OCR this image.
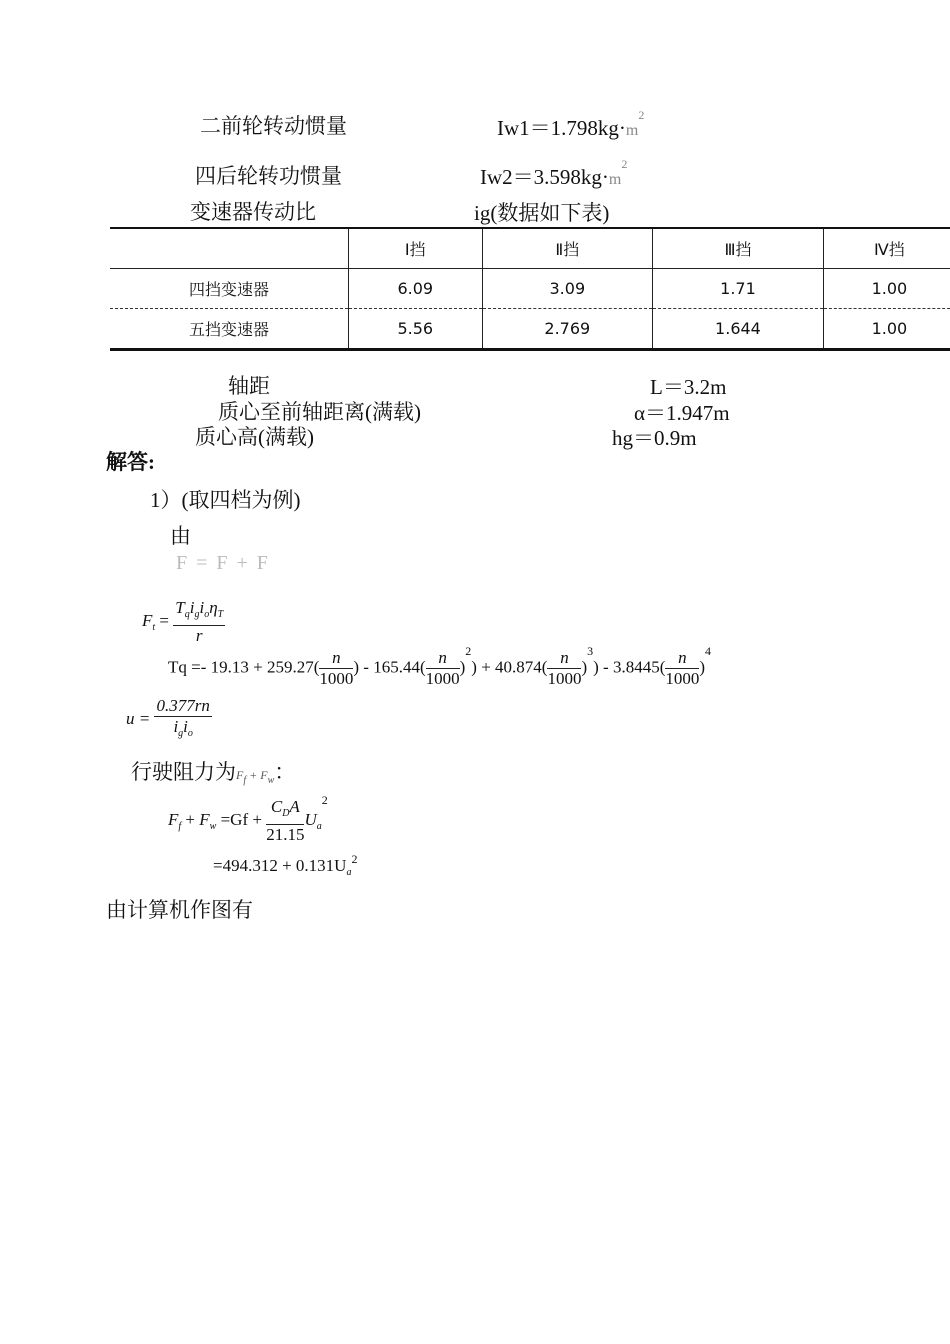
二前轮转动惯量	$Iw1=1.798kg\cdot m^2$
四后轮转功惯量	$Iw2=3.598kg\cdot m^2$
变速器传动比	ig(数据如下表)
	Ⅰ挡	Ⅱ挡	Ⅲ挡	Ⅳ挡
四挡变速器	6.09	3.09	1.71	1.00
五挡变速器	5.56	2.769	1.644	1.00
轴距	L＝3.2m
质心至前轴距离(满载)	α＝1.947m
质心高(满载)	hg＝0.9m
解答:
1）(取四档为例)
由
F = F + F
$F_t = \frac{T_qi_gi_o\eta_T}{r}$
$Tq =- 19.13 + 259.27( \frac{n}{1000}$ ) - $165.44( \frac{n}{1000} )^2) + 40.874( \frac{n}{1000} )^3) - 3.8445( \frac{n}{1000} )^4$
$u = \frac{0.377rn}{i_gi_o}$
行驶阻力为$F_f + F_w$：
$F_f + F_w =Gf + \frac{C_DA}{21.15} U_a^2$
$=494.312 + 0.131U_a^2$
由计算机作图有
